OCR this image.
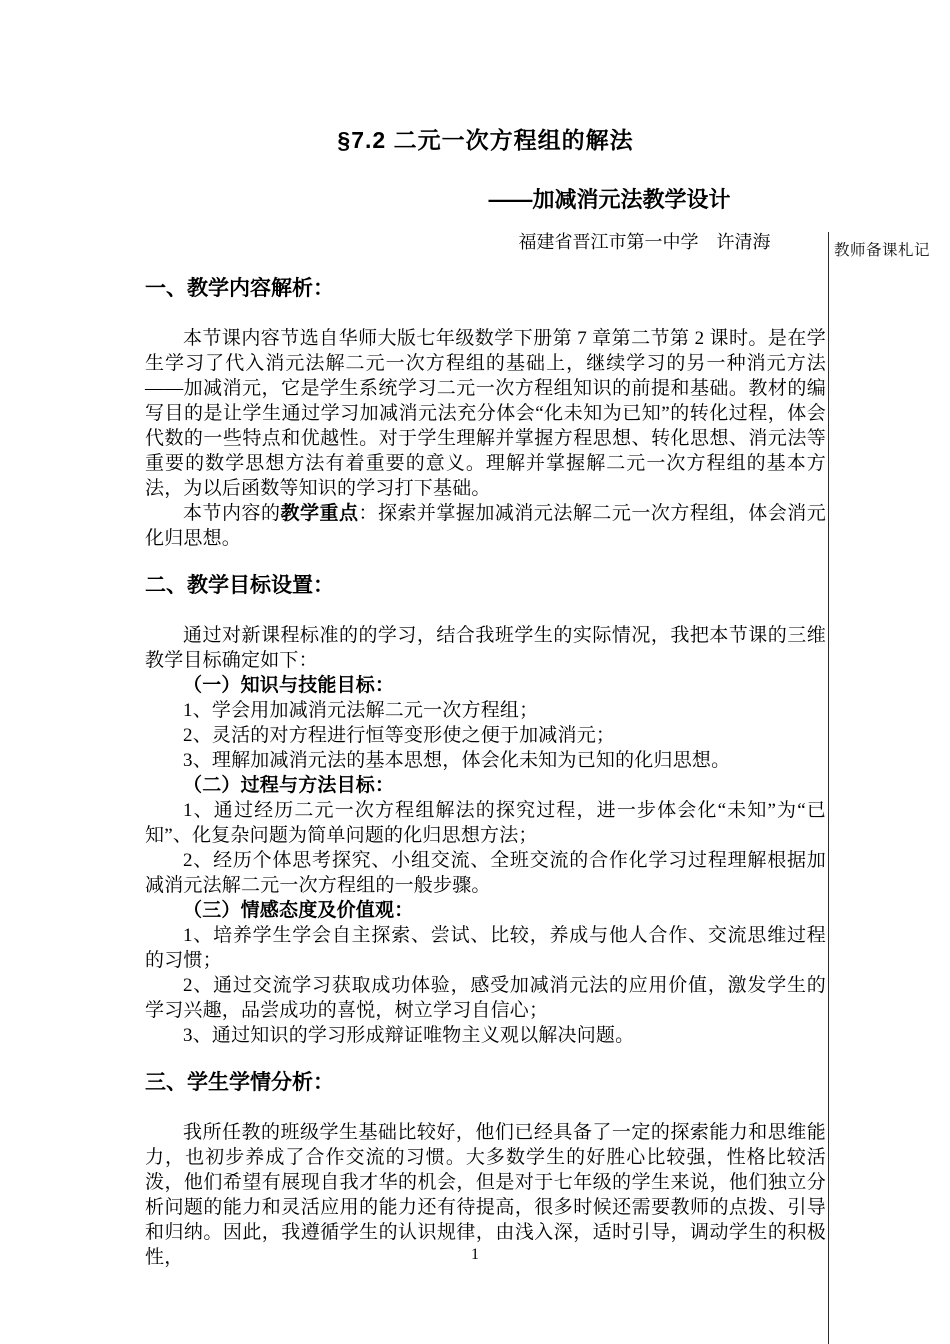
教师备课札记
§7.2 二元一次方程组的解法
——加减消元法教学设计
福建省晋江市第一中学　许清海
一、教学内容解析：

本节课内容节选自华师大版七年级数学下册第 7 章第二节第 2 课时。是在学生学习了代入消元法解二元一次方程组的基础上，继续学习的另一种消元方法——加减消元，它是学生系统学习二元一次方程组知识的前提和基础。教材的编写目的是让学生通过学习加减消元法充分体会“化未知为已知”的转化过程，体会代数的一些特点和优越性。对于学生理解并掌握方程思想、转化思想、消元法等重要的数学思想方法有着重要的意义。理解并掌握解二元一次方程组的基本方法，为以后函数等知识的学习打下基础。

本节内容的教学重点：探索并掌握加减消元法解二元一次方程组，体会消元化归思想。

二、教学目标设置：

通过对新课程标准的的学习，结合我班学生的实际情况，我把本节课的三维教学目标确定如下：

（一）知识与技能目标：

1、学会用加减消元法解二元一次方程组；

2、灵活的对方程进行恒等变形使之便于加减消元；

3、理解加减消元法的基本思想，体会化未知为已知的化归思想。

（二）过程与方法目标：

1、通过经历二元一次方程组解法的探究过程，进一步体会化“未知”为“已知”、化复杂问题为简单问题的化归思想方法；

2、经历个体思考探究、小组交流、全班交流的合作化学习过程理解根据加减消元法解二元一次方程组的一般步骤。

（三）情感态度及价值观：

1、培养学生学会自主探索、尝试、比较，养成与他人合作、交流思维过程的习惯；

2、通过交流学习获取成功体验，感受加减消元法的应用价值，激发学生的学习兴趣，品尝成功的喜悦，树立学习自信心；

3、通过知识的学习形成辩证唯物主义观以解决问题。

三、学生学情分析：

我所任教的班级学生基础比较好，他们已经具备了一定的探索能力和思维能力，也初步养成了合作交流的习惯。大多数学生的好胜心比较强，性格比较活泼，他们希望有展现自我才华的机会，但是对于七年级的学生来说，他们独立分析问题的能力和灵活应用的能力还有待提高，很多时候还需要教师的点拨、引导和归纳。因此，我遵循学生的认识规律，由浅入深，适时引导，调动学生的积极性，	1
